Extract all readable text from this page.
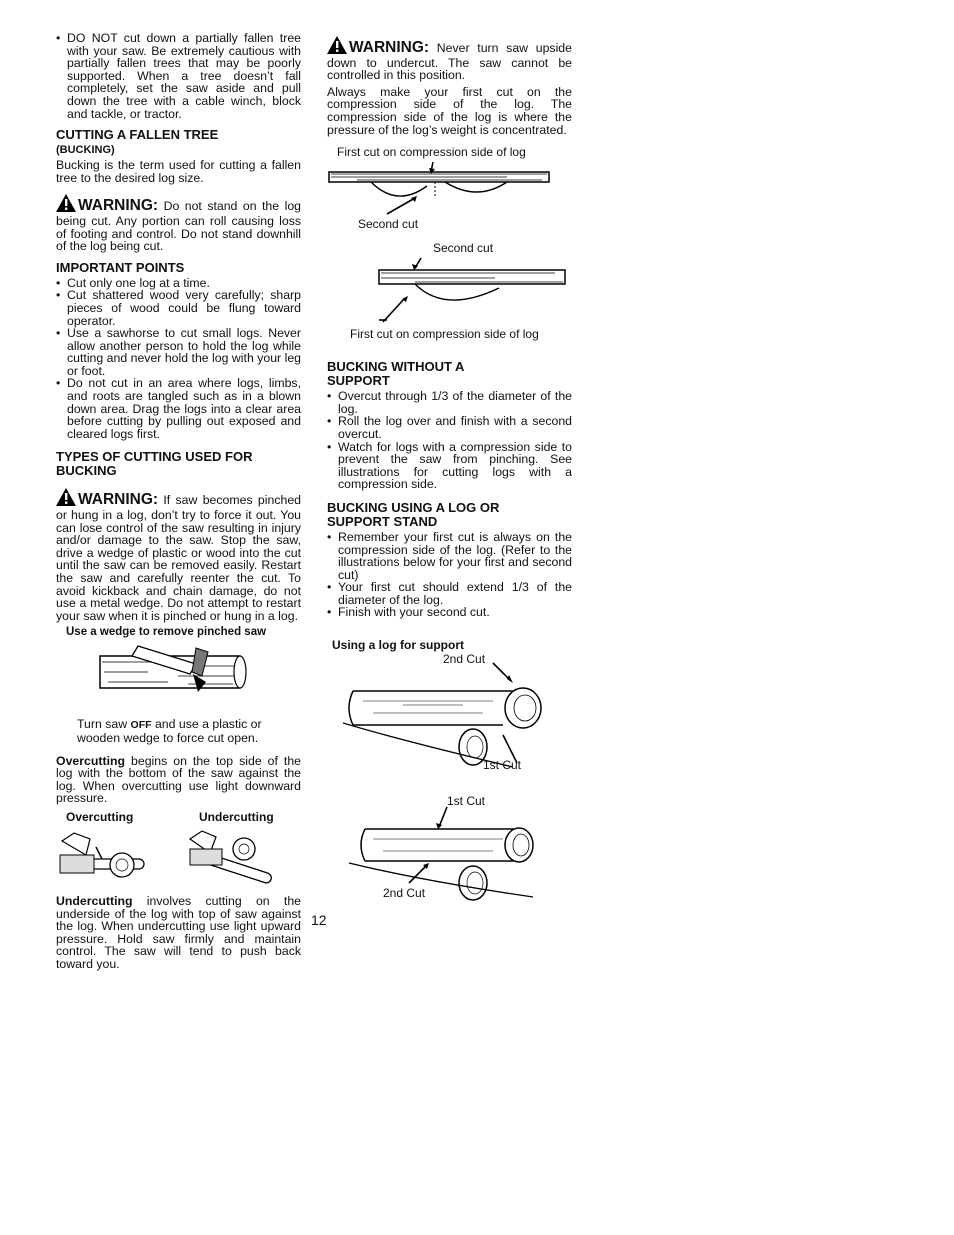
• DO NOT cut down a partially fallen tree with your saw. Be extremely cautious with partially fallen trees that may be poorly supported. When a tree doesn’t fall completely, set the saw aside and pull down the tree with a cable winch, block and tackle, or tractor.
CUTTING A FALLEN TREE
(BUCKING)

Bucking is the term used for cutting a fallen tree to the desired log size.

WARNING: Do not stand on the log being cut. Any portion can roll causing loss of footing and control. Do not stand downhill of the log being cut.
IMPORTANT POINTS
• Cut only one log at a time.
• Cut shattered wood very carefully; sharp pieces of wood could be flung toward operator.
• Use a sawhorse to cut small logs. Never allow another person to hold the log while cutting and never hold the log with your leg or foot.
• Do not cut in an area where logs, limbs, and roots are tangled such as in a blown down area. Drag the logs into a clear area before cutting by pulling out exposed and cleared logs first.
TYPES OF CUTTING USED FOR BUCKING
WARNING: If saw becomes pinched or hung in a log, don’t try to force it out. You can lose control of the saw resulting in injury and/or damage to the saw. Stop the saw, drive a wedge of plastic or wood into the cut until the saw can be removed easily. Restart the saw and carefully reenter the cut. To avoid kickback and chain damage, do not use a metal wedge. Do not attempt to restart your saw when it is pinched or hung in a log.
Use a wedge to remove pinched saw

Turn saw OFF and use a plastic or wooden wedge to force cut open.

Overcutting begins on the top side of the log with the bottom of the saw against the log. When overcutting use light downward pressure.

Overcutting	Undercutting

Undercutting involves cutting on the underside of the log with top of saw against the log. When undercutting use light upward pressure. Hold saw firmly and maintain control. The saw will tend to push back toward you.

WARNING: Never turn saw upside down to undercut. The saw cannot be controlled in this position.

Always make your first cut on the compression side of the log. The compression side of the log is where the pressure of the log’s weight is concentrated.

First cut on compression side of log
Second cut
Second cut
First cut on compression side of log
BUCKING WITHOUT A SUPPORT
• Overcut through 1/3 of the diameter of the log.
• Roll the log over and finish with a second overcut.
• Watch for logs with a compression side to prevent the saw from pinching. See illustrations for cutting logs with a compression side.
BUCKING USING A LOG OR SUPPORT STAND
• Remember your first cut is always on the compression side of the log. (Refer to the illustrations below for your first and second cut)
• Your first cut should extend 1/3 of the diameter of the log.
• Finish with your second cut.
Using a log for support
2nd Cut
1st Cut
1st Cut
2nd Cut
12
